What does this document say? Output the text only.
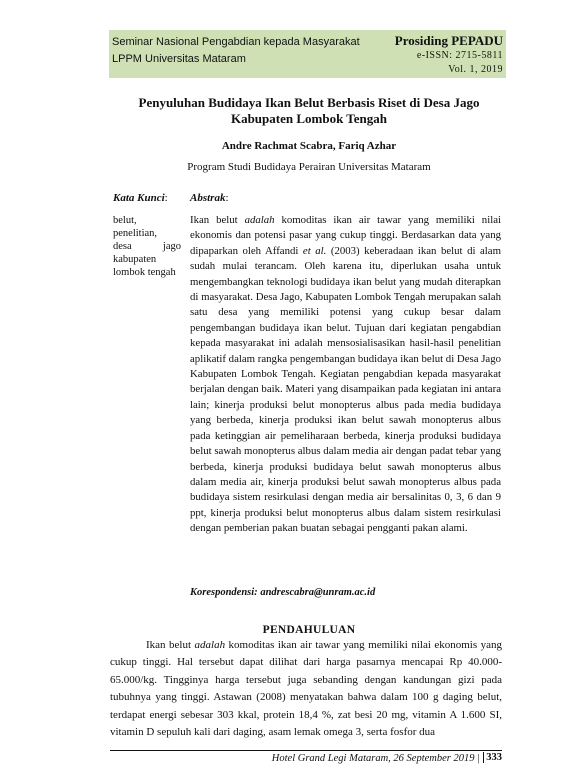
Seminar Nasional Pengabdian kepada Masyarakat
LPPM Universitas Mataram
Prosiding PEPADU
e-ISSN: 2715-5811
Vol. 1, 2019
Penyuluhan Budidaya Ikan Belut Berbasis Riset di Desa Jago
Kabupaten Lombok Tengah
Andre Rachmat Scabra, Fariq Azhar
Program Studi Budidaya Perairan Universitas Mataram
Kata Kunci: Abstrak:
belut,
penelitian,
desa	jago
kabupaten
lombok tengah

Ikan belut adalah komoditas ikan air tawar yang memiliki nilai ekonomis dan potensi pasar yang cukup tinggi. Berdasarkan data yang dipaparkan oleh Affandi et al. (2003) keberadaan ikan belut di alam sudah mulai terancam. Oleh karena itu, diperlukan usaha untuk mengembangkan teknologi budidaya ikan belut yang mudah diterapkan di masyarakat. Desa Jago, Kabupaten Lombok Tengah merupakan salah satu desa yang memiliki potensi yang cukup besar dalam pengembangan budidaya ikan belut. Tujuan dari kegiatan pengabdian kepada masyarakat ini adalah mensosialisasikan hasil-hasil penelitian aplikatif dalam rangka pengembangan budidaya ikan belut di Desa Jago Kabupaten Lombok Tengah. Kegiatan pengabdian kepada masyarakat berjalan dengan baik. Materi yang disampaikan pada kegiatan ini antara lain; kinerja produksi belut monopterus albus pada media budidaya yang berbeda, kinerja produksi ikan belut sawah monopterus albus pada ketinggian air pemeliharaan berbeda, kinerja produksi budidaya belut sawah monopterus albus dalam media air dengan padat tebar yang berbeda, kinerja produksi budidaya belut sawah monopterus albus dalam media air, kinerja produksi belut sawah monopterus albus pada budidaya sistem resirkulasi dengan media air bersalinitas 0, 3, 6 dan 9 ppt, kinerja produksi belut monopterus albus dalam sistem resirkulasi dengan pemberian pakan buatan sebagai pengganti pakan alami.

Korespondensi: andrescabra@unram.ac.id
PENDAHULUAN

Ikan belut adalah komoditas ikan air tawar yang memiliki nilai ekonomis yang cukup tinggi. Hal tersebut dapat dilihat dari harga pasarnya mencapai Rp 40.000-65.000/kg. Tingginya harga tersebut juga sebanding dengan kandungan gizi pada tubuhnya yang tinggi. Astawan (2008) menyatakan bahwa dalam 100 g daging belut, terdapat energi sebesar 303 kkal, protein 18,4 %, zat besi 20 mg, vitamin A 1.600 SI, vitamin D sepuluh kali dari daging, asam lemak omega 3, serta fosfor dua

Hotel Grand Legi Mataram, 26 September 2019 | 333
